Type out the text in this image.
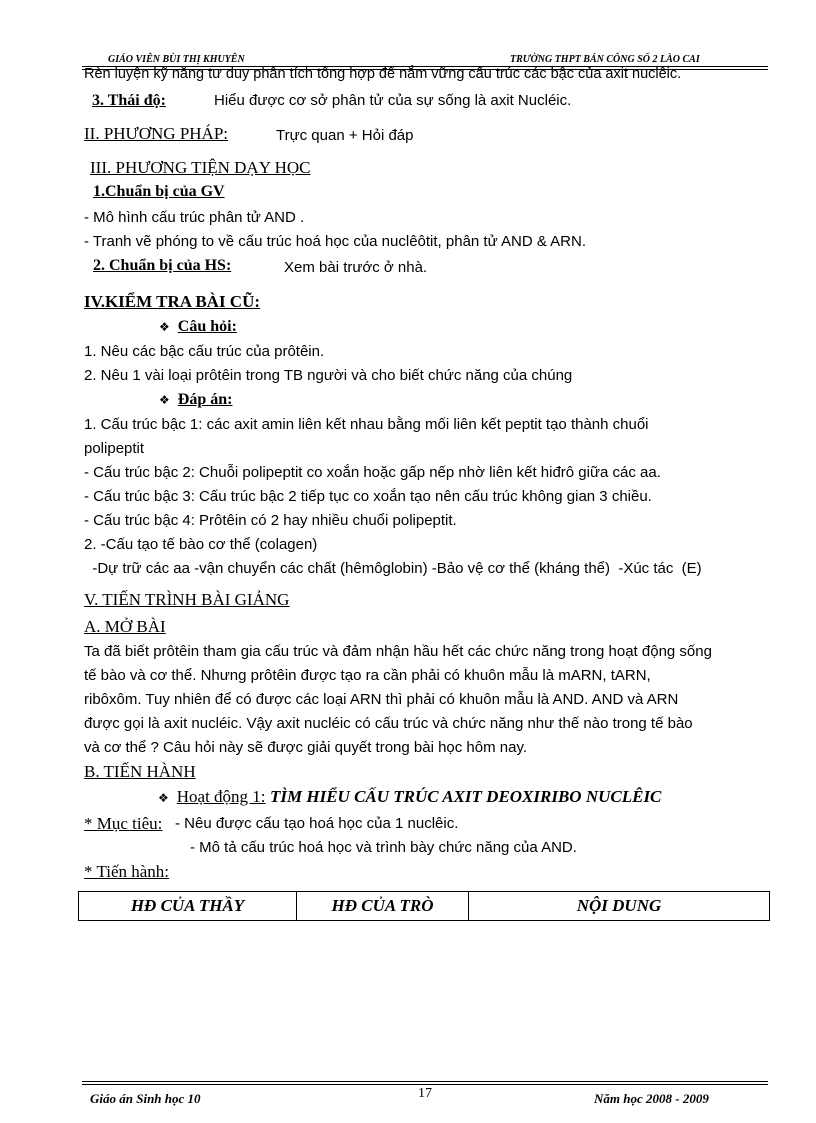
GIÁO VIÊN BÙI THỊ KHUYÊN	TRƯỜNG THPT BÁN CÔNG SỐ 2 LÀO CAI
Rèn luyện kỹ năng tư duy phân tích tổng hợp để nắm vững cấu trúc các bậc của axit nuclêic.
3. Thái độ:	Hiểu được cơ sở phân tử của sự sống là axit Nucléic.
II. PHƯƠNG PHÁP:	Trực quan + Hỏi đáp
III. PHƯƠNG TIỆN DẠY HỌC
1.Chuẩn bị của GV
- Mô hình cấu trúc phân tử AND .
- Tranh vẽ phóng to về cấu trúc hoá học của nuclêôtit, phân tử AND & ARN.
2. Chuẩn bị của HS:	Xem bài trước ở nhà.
IV.KIỂM TRA BÀI CŨ:
❖ Câu hỏi:
1. Nêu các bậc cấu trúc của prôtêin.
2. Nêu 1 vài loại prôtêin trong TB người và cho biết chức năng của chúng
❖ Đáp án:
1. Cấu trúc bậc 1: các axit amin liên kết nhau bằng mối liên kết peptit tạo thành chuổi
polipeptit
- Cấu trúc bậc 2: Chuỗi polipeptit co xoắn hoặc gấp nếp nhờ liên kết hiđrô giữa các aa.
- Cấu trúc bậc 3: Cấu trúc bậc 2 tiếp tục co xoắn tạo nên cấu trúc không gian 3 chiều.
- Cấu trúc bậc 4: Prôtêin có 2 hay nhiều chuổi polipeptit.
2. -Cấu tạo tế bào cơ thể (colagen)
-Dự trữ các aa -vận chuyển các chất (hêmôglobin) -Bảo vệ cơ thể (kháng thể)  -Xúc tác  (E)
V. TIẾN TRÌNH BÀI GIẢNG
A. MỞ BÀI
Ta đã biết prôtêin tham gia cấu trúc và đảm nhận hầu hết các chức năng trong hoạt động sống
tế bào và cơ thể. Nhưng prôtêin được tạo ra cần phải có khuôn mẫu là mARN, tARN,
ribôxôm. Tuy nhiên để có được các loại ARN thì phải có khuôn mẫu là AND. AND và ARN
được gọi là axit nucléic. Vậy axit nucléic có cấu trúc và chức năng như thế nào trong tế bào
và cơ thể ? Câu hỏi này sẽ được giải quyết trong bài học hôm nay.
B. TIẾN HÀNH
❖ Hoạt động 1: TÌM HIỂU CẤU TRÚC AXIT DEOXIRIBO NUCLÊIC
* Mục tiêu: - Nêu được cấu tạo hoá học của 1 nuclêic.
- Mô tả cấu trúc hoá học và trình bày chức năng của AND.
* Tiến hành:
HĐ CỦA THẦY	HĐ CỦA TRÒ	NỘI DUNG
Giáo án Sinh học 10	17	Năm học 2008 - 2009
